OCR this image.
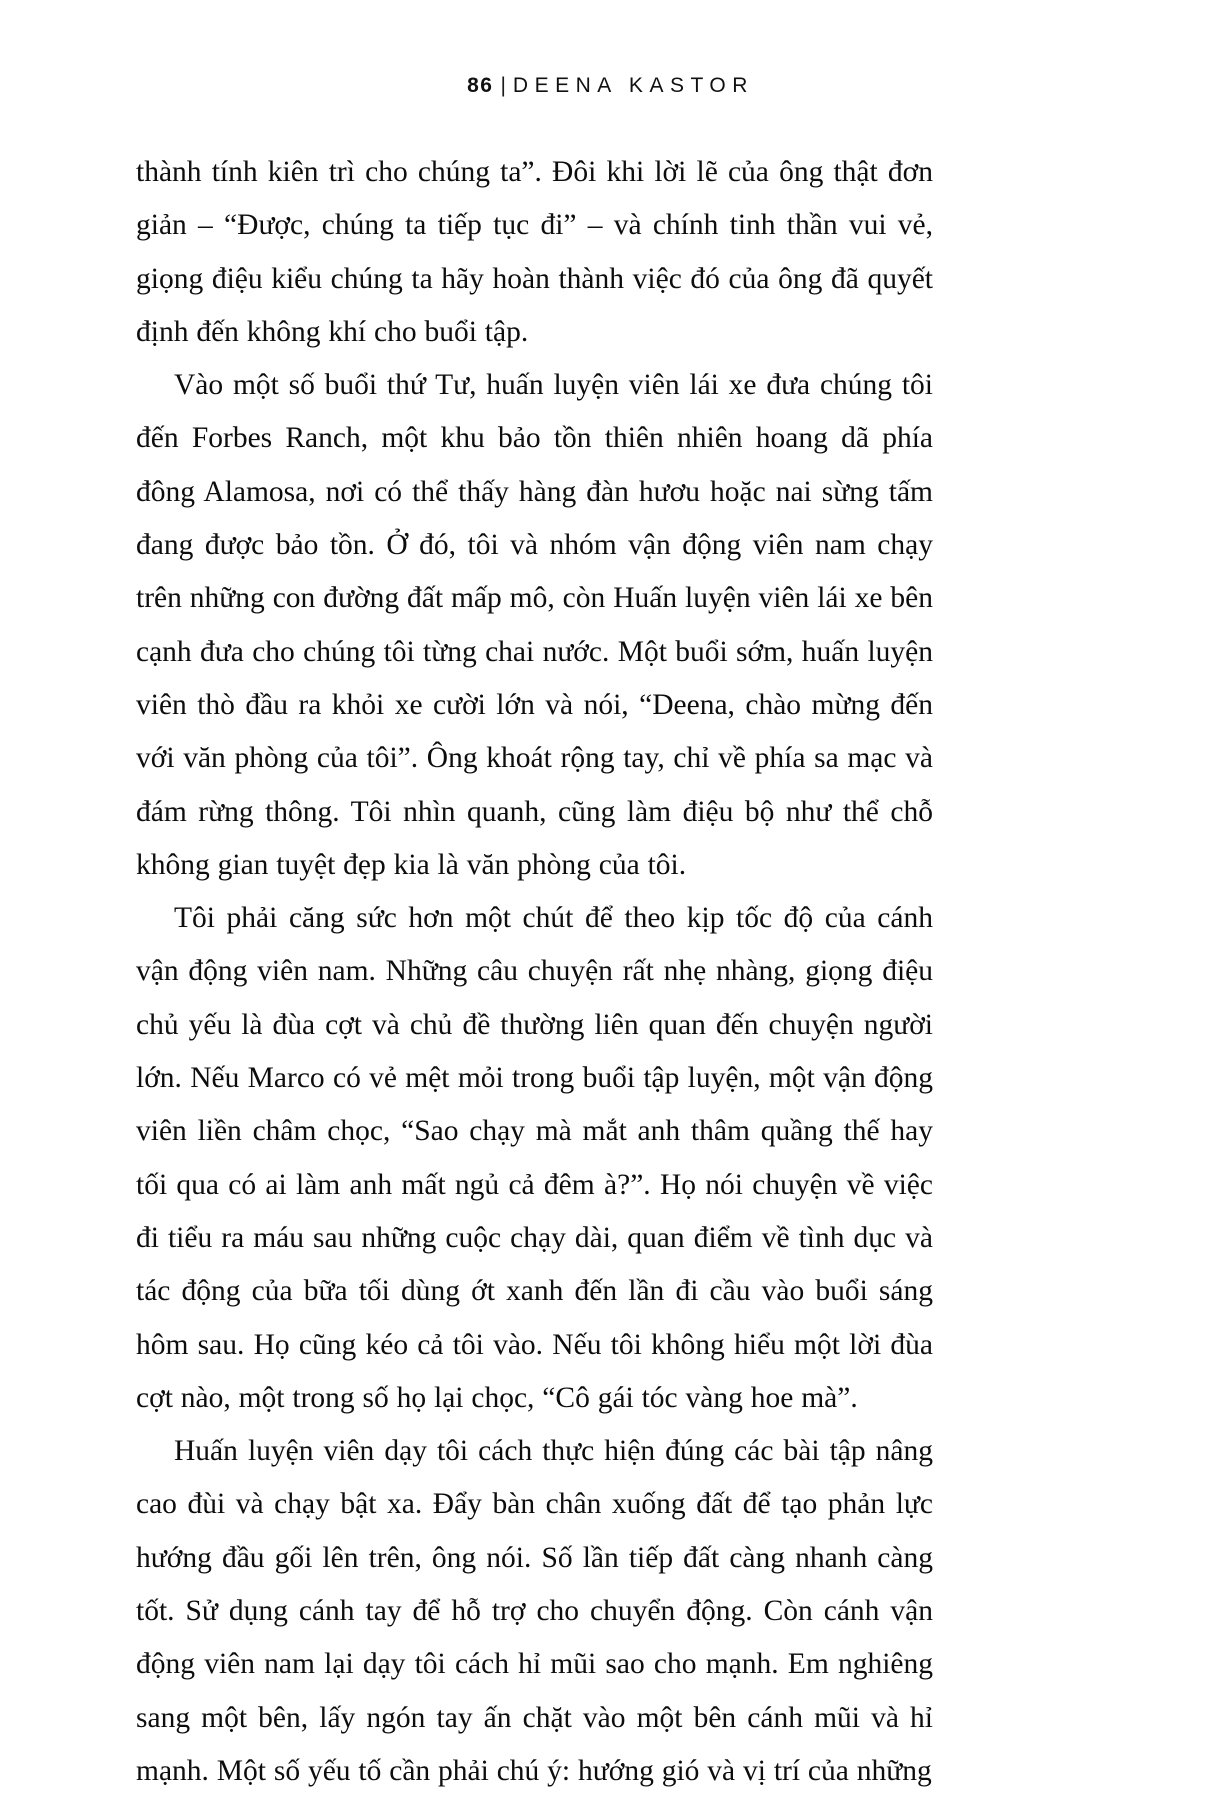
86 | DEENA KASTOR

thành tính kiên trì cho chúng ta”. Đôi khi lời lẽ của ông thật đơn giản – “Được, chúng ta tiếp tục đi” – và chính tinh thần vui vẻ, giọng điệu kiểu chúng ta hãy hoàn thành việc đó của ông đã quyết định đến không khí cho buổi tập.

Vào một số buổi thứ Tư, huấn luyện viên lái xe đưa chúng tôi đến Forbes Ranch, một khu bảo tồn thiên nhiên hoang dã phía đông Alamosa, nơi có thể thấy hàng đàn hươu hoặc nai sừng tấm đang được bảo tồn. Ở đó, tôi và nhóm vận động viên nam chạy trên những con đường đất mấp mô, còn Huấn luyện viên lái xe bên cạnh đưa cho chúng tôi từng chai nước. Một buổi sớm, huấn luyện viên thò đầu ra khỏi xe cười lớn và nói, “Deena, chào mừng đến với văn phòng của tôi”. Ông khoát rộng tay, chỉ về phía sa mạc và đám rừng thông. Tôi nhìn quanh, cũng làm điệu bộ như thể chỗ không gian tuyệt đẹp kia là văn phòng của tôi.

Tôi phải căng sức hơn một chút để theo kịp tốc độ của cánh vận động viên nam. Những câu chuyện rất nhẹ nhàng, giọng điệu chủ yếu là đùa cợt và chủ đề thường liên quan đến chuyện người lớn. Nếu Marco có vẻ mệt mỏi trong buổi tập luyện, một vận động viên liền châm chọc, “Sao chạy mà mắt anh thâm quầng thế hay tối qua có ai làm anh mất ngủ cả đêm à?”. Họ nói chuyện về việc đi tiểu ra máu sau những cuộc chạy dài, quan điểm về tình dục và tác động của bữa tối dùng ớt xanh đến lần đi cầu vào buổi sáng hôm sau. Họ cũng kéo cả tôi vào. Nếu tôi không hiểu một lời đùa cợt nào, một trong số họ lại chọc, “Cô gái tóc vàng hoe mà”.

Huấn luyện viên dạy tôi cách thực hiện đúng các bài tập nâng cao đùi và chạy bật xa. Đẩy bàn chân xuống đất để tạo phản lực hướng đầu gối lên trên, ông nói. Số lần tiếp đất càng nhanh càng tốt. Sử dụng cánh tay để hỗ trợ cho chuyển động. Còn cánh vận động viên nam lại dạy tôi cách hỉ mũi sao cho mạnh. Em nghiêng sang một bên, lấy ngón tay ấn chặt vào một bên cánh mũi và hỉ mạnh. Một số yếu tố cần phải chú ý: hướng gió và vị trí của những
